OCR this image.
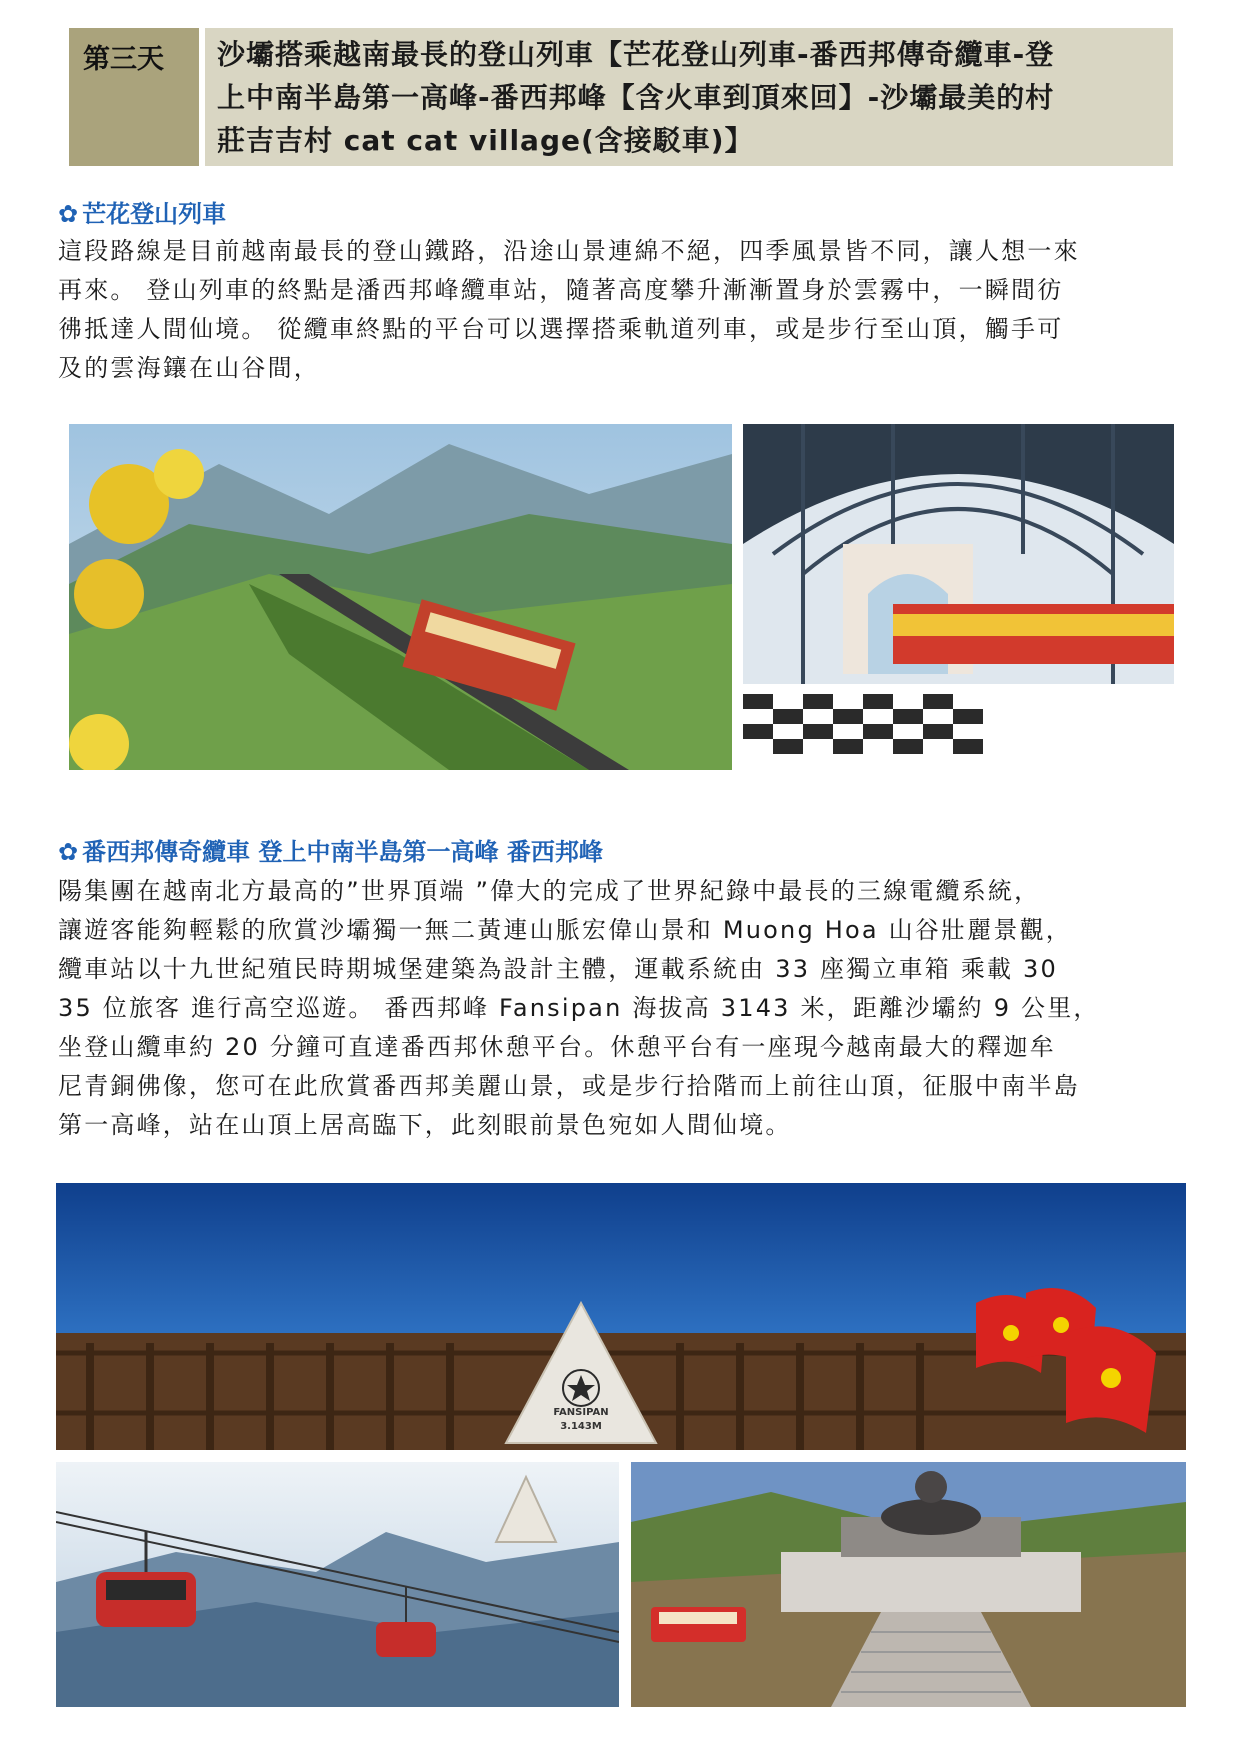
第三天	沙壩搭乘越南最長的登山列車【芒花登山列車-番西邦傳奇纜車-登
上中南半島第一高峰-番西邦峰【含火車到頂來回】-沙壩最美的村
莊吉吉村 cat cat village(含接駁車)】
✿ 芒花登山列車
這段路線是目前越南最長的登山鐵路，沿途山景連綿不絕，四季風景皆不同，讓人想一來
再來。 登山列車的終點是潘西邦峰纜車站，隨著高度攀升漸漸置身於雲霧中，一瞬間彷
彿抵達人間仙境。 從纜車終點的平台可以選擇搭乘軌道列車，或是步行至山頂，觸手可
及的雲海鑲在山谷間，
✿ 番西邦傳奇纜車 登上中南半島第一高峰 番西邦峰
陽集團在越南北方最高的”世界頂端 ”偉大的完成了世界紀錄中最長的三線電纜系統，
讓遊客能夠輕鬆的欣賞沙壩獨一無二黃連山脈宏偉山景和 Muong Hoa 山谷壯麗景觀，
纜車站以十九世紀殖民時期城堡建築為設計主體，運載系統由 33 座獨立車箱 乘載 30
35 位旅客 進行高空巡遊。 番西邦峰 Fansipan 海拔高 3143 米，距離沙壩約 9 公里，
坐登山纜車約 20 分鐘可直達番西邦休憩平台。休憩平台有一座現今越南最大的釋迦牟
尼青銅佛像，您可在此欣賞番西邦美麗山景，或是步行拾階而上前往山頂，征服中南半島
第一高峰，站在山頂上居高臨下，此刻眼前景色宛如人間仙境。
FANSIPAN
3.143M
